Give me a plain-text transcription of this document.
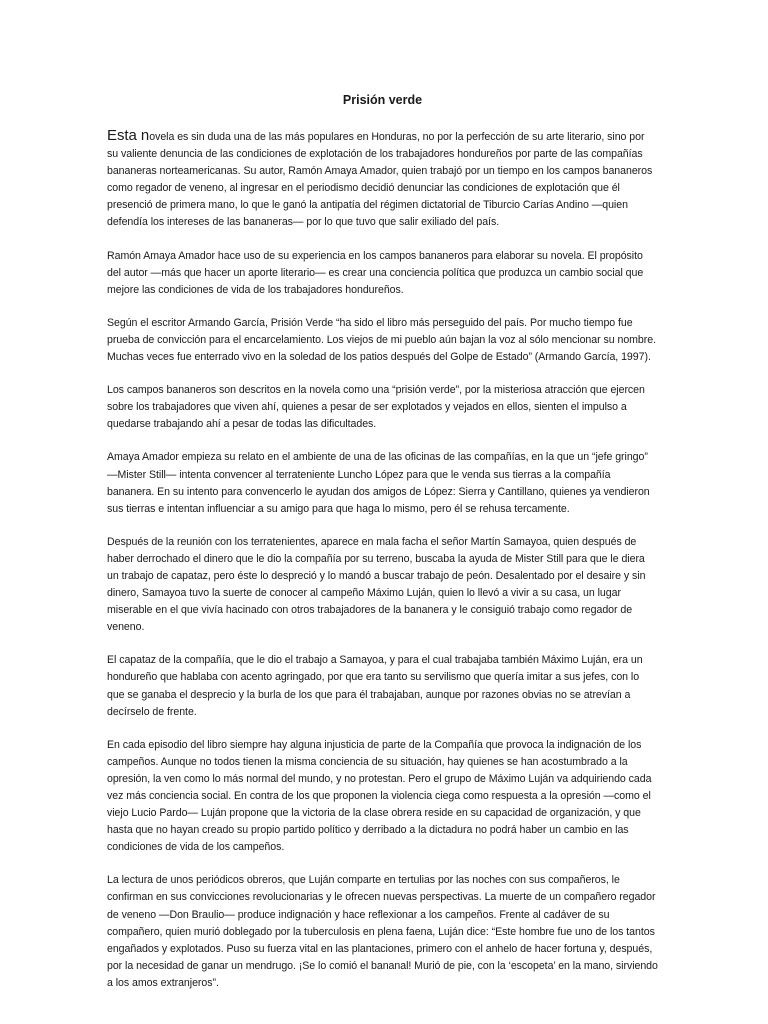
Prisión verde

Esta novela es sin duda una de las más populares en Honduras, no por la perfección de su arte literario, sino por su valiente denuncia de las condiciones de explotación de los trabajadores hondureños por parte de las compañías bananeras norteamericanas. Su autor, Ramón Amaya Amador, quien trabajó por un tiempo en los campos bananeros como regador de veneno, al ingresar en el periodismo decidió denunciar las condiciones de explotación que él presenció de primera mano, lo que le ganó la antipatía del régimen dictatorial de Tiburcio Carías Andino —quien defendía los intereses de las bananeras— por lo que tuvo que salir exiliado del país.

Ramón Amaya Amador hace uso de su experiencia en los campos bananeros para elaborar su novela. El propósito del autor —más que hacer un aporte literario— es crear una conciencia política que produzca un cambio social que mejore las condiciones de vida de los trabajadores hondureños.

Según el escritor Armando García, Prisión Verde “ha sido el libro más perseguido del país. Por mucho tiempo fue prueba de convicción para el encarcelamiento. Los viejos de mi pueblo aún bajan la voz al sólo mencionar su nombre. Muchas veces fue enterrado vivo en la soledad de los patios después del Golpe de Estado” (Armando García, 1997).

Los campos bananeros son descritos en la novela como una “prisión verde”, por la misteriosa atracción que ejercen sobre los trabajadores que viven ahí, quienes a pesar de ser explotados y vejados en ellos, sienten el impulso a quedarse trabajando ahí a pesar de todas las dificultades.

Amaya Amador empieza su relato en el ambiente de una de las oficinas de las compañías, en la que un “jefe gringo” —Mister Still— intenta convencer al terrateniente Luncho López para que le venda sus tierras a la compañía bananera. En su intento para convencerlo le ayudan dos amigos de López: Sierra y Cantillano, quienes ya vendieron sus tierras e intentan influenciar a su amigo para que haga lo mismo, pero él se rehusa tercamente.

Después de la reunión con los terratenientes, aparece en mala facha el señor Martín Samayoa, quien después de haber derrochado el dinero que le dio la compañía por su terreno, buscaba la ayuda de Mister Still para que le diera un trabajo de capataz, pero éste lo despreció y lo mandó a buscar trabajo de peón. Desalentado por el desaire y sin dinero, Samayoa tuvo la suerte de conocer al campeño Máximo Luján, quien lo llevó a vivir a su casa, un lugar miserable en el que vivía hacinado con otros trabajadores de la bananera y le consiguió trabajo como regador de veneno.

El capataz de la compañía, que le dio el trabajo a Samayoa, y para el cual trabajaba también Máximo Luján, era un hondureño que hablaba con acento agringado, por que era tanto su servilismo que quería imitar a sus jefes, con lo que se ganaba el desprecio y la burla de los que para él trabajaban, aunque por razones obvias no se atrevían a decírselo de frente.

En cada episodio del libro siempre hay alguna injusticia de parte de la Compañía que provoca la indignación de los campeños. Aunque no todos tienen la misma conciencia de su situación, hay quienes se han acostumbrado a la opresión, la ven como lo más normal del mundo, y no protestan. Pero el grupo de Máximo Luján va adquiriendo cada vez más conciencia social. En contra de los que proponen la violencia ciega como respuesta a la opresión —como el viejo Lucio Pardo— Luján propone que la victoria de la clase obrera reside en su capacidad de organización, y que hasta que no hayan creado su propio partido político y derribado a la dictadura no podrá haber un cambio en las condiciones de vida de los campeños.

La lectura de unos periódicos obreros, que Luján comparte en tertulias por las noches con sus compañeros, le confirman en sus convicciones revolucionarias y le ofrecen nuevas perspectivas. La muerte de un compañero regador de veneno —Don Braulio— produce indignación y hace reflexionar a los campeños. Frente al cadáver de su compañero, quien murió doblegado por la tuberculosis en plena faena, Luján dice: “Este hombre fue uno de los tantos engañados y explotados. Puso su fuerza vital en las plantaciones, primero con el anhelo de hacer fortuna y, después, por la necesidad de ganar un mendrugo. ¡Se lo comió el bananal! Murió de pie, con la ‘escopeta’ en la mano, sirviendo a los amos extranjeros”.
